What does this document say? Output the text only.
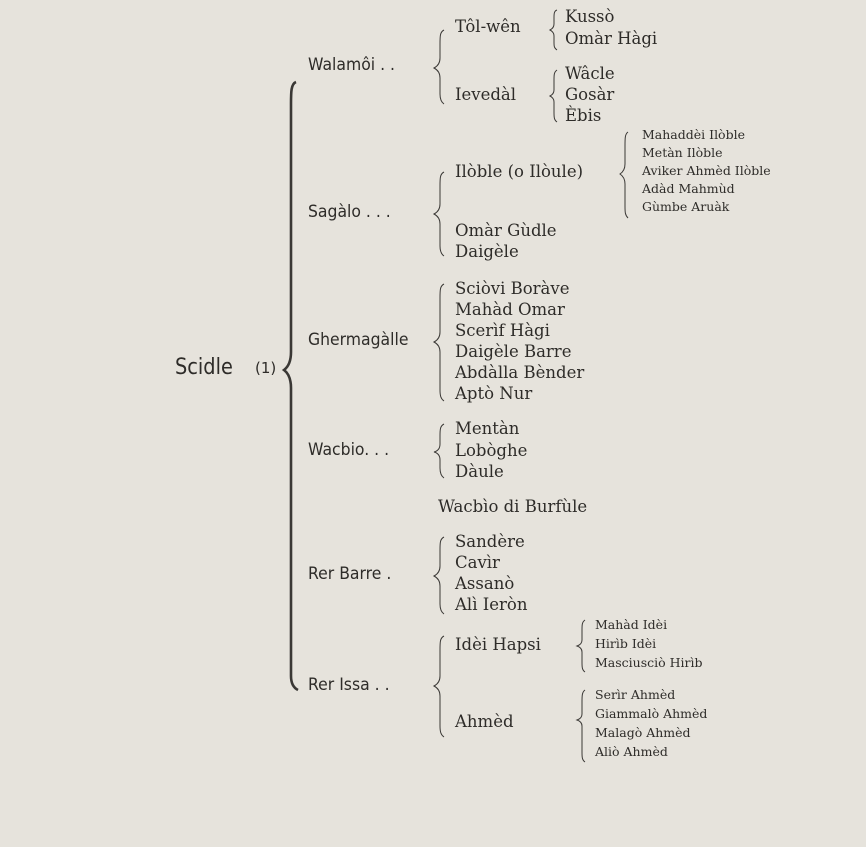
Scidle (1)
Walamôi . .
Tôl-wên
Kussò
Omàr Hàgi
Ievedàl
Wâcle
Gosàr
Èbis
Sagàlo . . .
Ilòble (o Ilòule)
Mahaddèi Ilòble
Metàn Ilòble
Aviker Ahmèd Ilòble
Adàd Mahmùd
Gùmbe Aruàk
Omàr Gùdle
Daigèle
Ghermagàlle
Sciòvi Boràve
Mahàd Omar
Scerìf Hàgi
Daigèle Barre
Abdàlla Bènder
Aptò Nur
Wacbio. . .
Mentàn
Lobòghe
Dàule
Wacbìo di Burfùle
Rer Barre .
Sandère
Cavìr
Assanò
Alì Ieròn
Rer Issa . .
Idèi Hapsi
Mahàd Idèi
Hirìb Idèi
Masciusciò Hirìb
Ahmèd
Serìr Ahmèd
Giammalò Ahmèd
Malagò Ahmèd
Aliò Ahmèd
